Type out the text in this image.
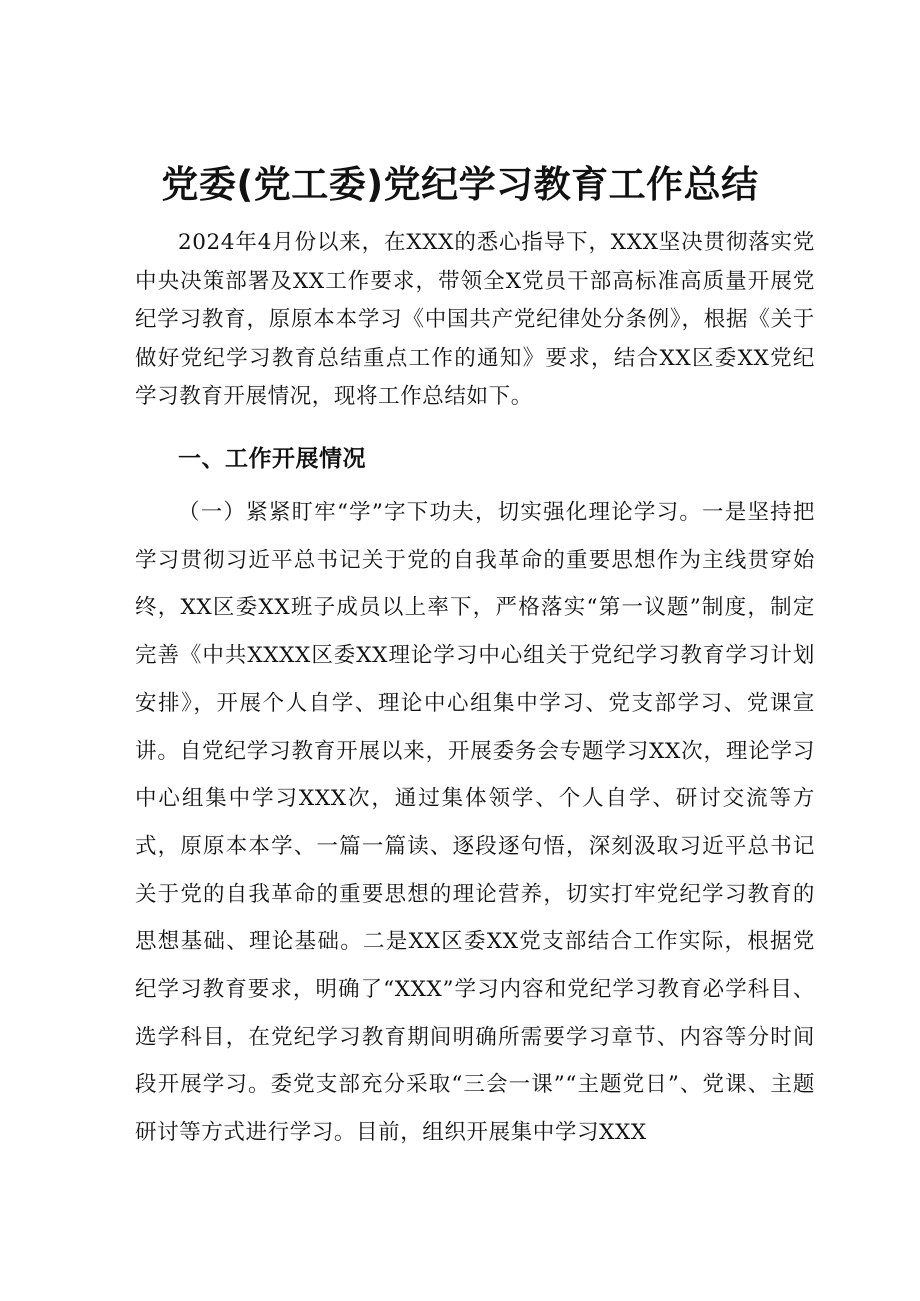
党委(党工委)党纪学习教育工作总结

2024年4月份以来，在XXX的悉心指导下，XXX坚决贯彻落实党中央决策部署及XX工作要求，带领全X党员干部高标准高质量开展党纪学习教育，原原本本学习《中国共产党纪律处分条例》，根据《关于做好党纪学习教育总结重点工作的通知》要求，结合XX区委XX党纪学习教育开展情况，现将工作总结如下。

一、工作开展情况

（一）紧紧盯牢“学”字下功夫，切实强化理论学习。一是坚持把学习贯彻习近平总书记关于党的自我革命的重要思想作为主线贯穿始终，XX区委XX班子成员以上率下，严格落实“第一议题”制度，制定完善《中共XXXX区委XX理论学习中心组关于党纪学习教育学习计划安排》，开展个人自学、理论中心组集中学习、党支部学习、党课宣讲。自党纪学习教育开展以来，开展委务会专题学习XX次，理论学习中心组集中学习XXX次，通过集体领学、个人自学、研讨交流等方式，原原本本学、一篇一篇读、逐段逐句悟，深刻汲取习近平总书记关于党的自我革命的重要思想的理论营养，切实打牢党纪学习教育的思想基础、理论基础。二是XX区委XX党支部结合工作实际，根据党纪学习教育要求，明确了“XXX”学习内容和党纪学习教育必学科目、选学科目，在党纪学习教育期间明确所需要学习章节、内容等分时间段开展学习。委党支部充分采取“三会一课”“主题党日”、党课、主题研讨等方式进行学习。目前，组织开展集中学习XXX
